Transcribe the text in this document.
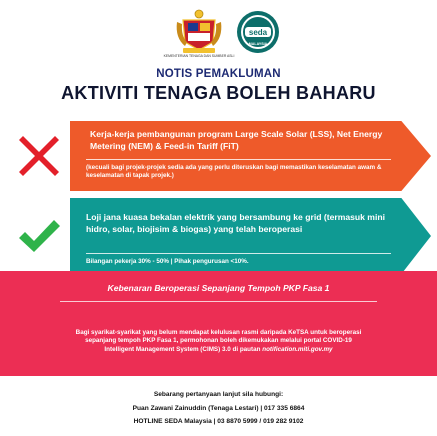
KEMENTERIAN TENAGA DAN SUMBER ASLI
seda
MALAYSIA
NOTIS PEMAKLUMAN
AKTIVITI TENAGA BOLEH BAHARU
Kerja-kerja pembangunan program Large Scale Solar (LSS), Net Energy Metering (NEM) & Feed-in Tariff (FiT)
(kecuali bagi projek-projek sedia ada yang perlu diteruskan bagi memastikan keselamatan awam & keselamatan di tapak projek.)
Loji jana kuasa bekalan elektrik yang bersambung ke grid (termasuk mini hidro, solar, biojisim & biogas) yang telah beroperasi
Bilangan pekerja 30% - 50% | Pihak pengurusan <10%.
Kebenaran Beroperasi Sepanjang Tempoh PKP Fasa 1
Bagi syarikat-syarikat yang belum mendapat kelulusan rasmi daripada KeTSA untuk beroperasi
sepanjang tempoh PKP Fasa 1, permohonan boleh dikemukakan melalui portal COVID-19
Intelligent Management System (CIMS) 3.0 di pautan notification.miti.gov.my
Sebarang pertanyaan lanjut sila hubungi:
Puan Zawani Zainuddin (Tenaga Lestari) | 017 335 6864
HOTLINE SEDA Malaysia | 03 8870 5999 / 019 282 9102
